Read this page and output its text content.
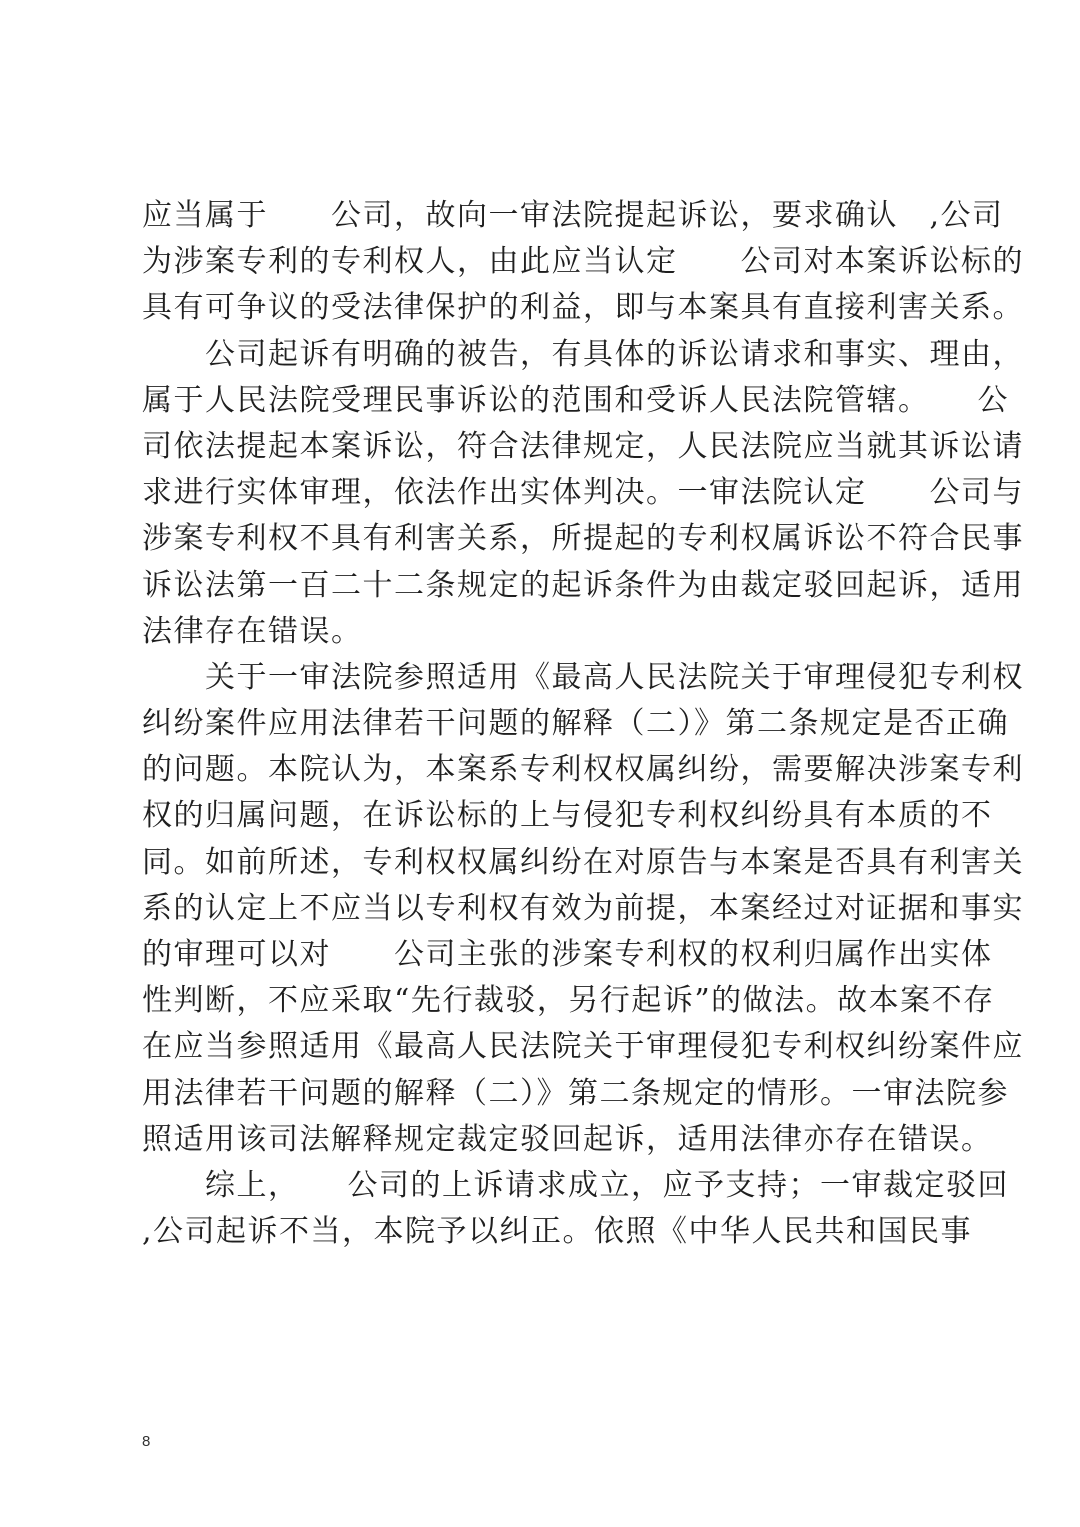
应当属于　　公司，故向一审法院提起诉讼，要求确认　,公司
为涉案专利的专利权人，由此应当认定　　公司对本案诉讼标的
具有可争议的受法律保护的利益，即与本案具有直接利害关系。
　　公司起诉有明确的被告，有具体的诉讼请求和事实、理由，
属于人民法院受理民事诉讼的范围和受诉人民法院管辖。　　公
司依法提起本案诉讼，符合法律规定，人民法院应当就其诉讼请
求进行实体审理，依法作出实体判决。一审法院认定　　公司与
涉案专利权不具有利害关系，所提起的专利权属诉讼不符合民事
诉讼法第一百二十二条规定的起诉条件为由裁定驳回起诉，适用
法律存在错误。
　　关于一审法院参照适用《最高人民法院关于审理侵犯专利权
纠纷案件应用法律若干问题的解释（二）》第二条规定是否正确
的问题。本院认为，本案系专利权权属纠纷，需要解决涉案专利
权的归属问题，在诉讼标的上与侵犯专利权纠纷具有本质的不
同。如前所述，专利权权属纠纷在对原告与本案是否具有利害关
系的认定上不应当以专利权有效为前提，本案经过对证据和事实
的审理可以对　　公司主张的涉案专利权的权利归属作出实体
性判断，不应采取“先行裁驳，另行起诉”的做法。故本案不存
在应当参照适用《最高人民法院关于审理侵犯专利权纠纷案件应
用法律若干问题的解释（二）》第二条规定的情形。一审法院参
照适用该司法解释规定裁定驳回起诉，适用法律亦存在错误。
　　综上，　　公司的上诉请求成立，应予支持；一审裁定驳回
,公司起诉不当，本院予以纠正。依照《中华人民共和国民事
8
